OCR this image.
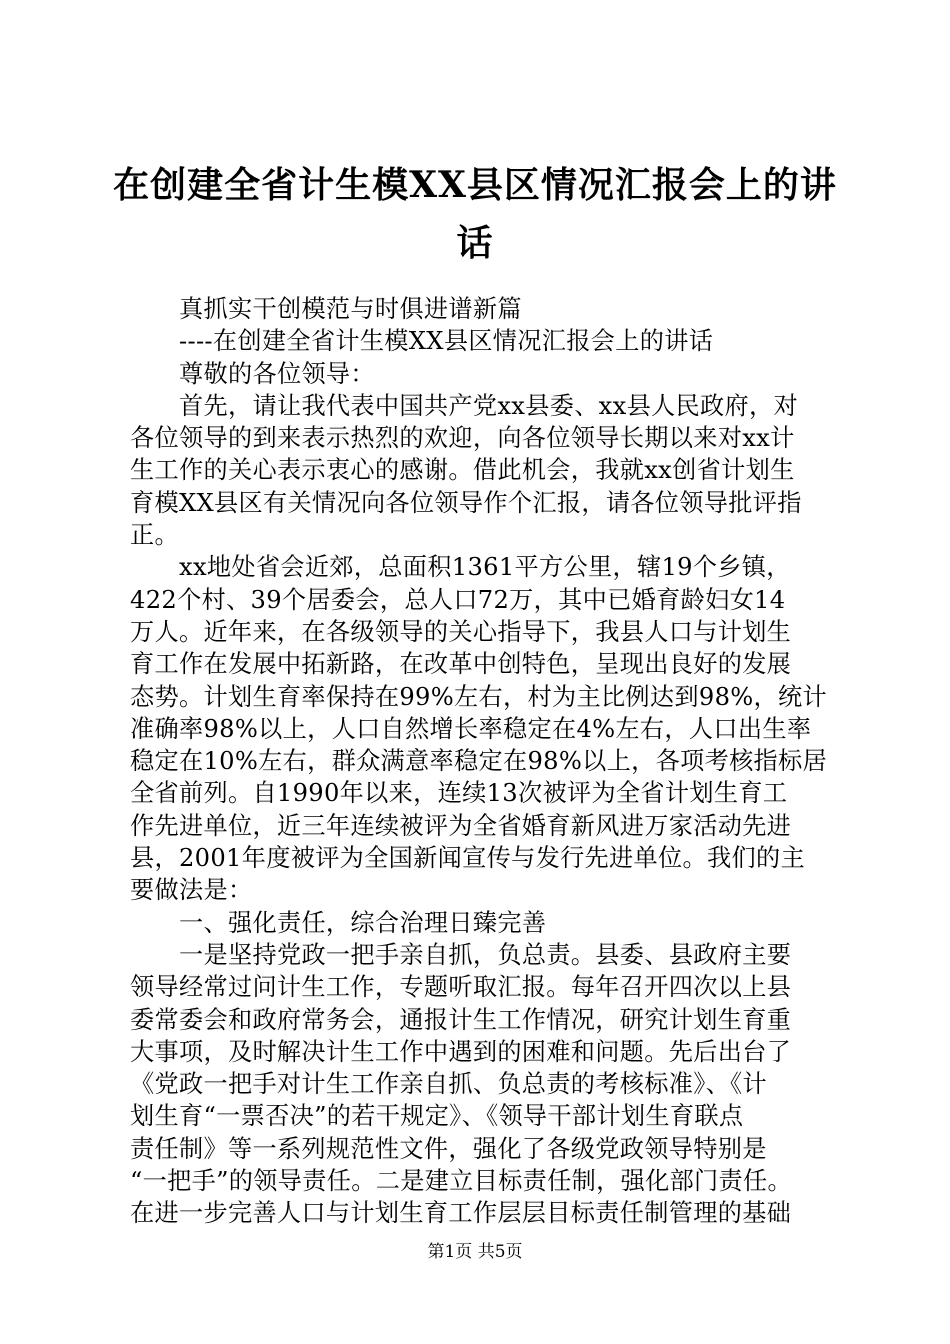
在创建全省计生模XX县区情况汇报会上的讲
话
真抓实干创模范与时俱进谱新篇
----在创建全省计生模XX县区情况汇报会上的讲话
尊敬的各位领导：
首先，请让我代表中国共产党xx县委、xx县人民政府，对
各位领导的到来表示热烈的欢迎，向各位领导长期以来对xx计
生工作的关心表示衷心的感谢。借此机会，我就xx创省计划生
育模XX县区有关情况向各位领导作个汇报，请各位领导批评指
正。
xx地处省会近郊，总面积1361平方公里，辖19个乡镇，
422个村、39个居委会，总人口72万，其中已婚育龄妇女14
万人。近年来，在各级领导的关心指导下，我县人口与计划生
育工作在发展中拓新路，在改革中创特色，呈现出良好的发展
态势。计划生育率保持在99%左右，村为主比例达到98%，统计
准确率98%以上，人口自然增长率稳定在4%左右，人口出生率
稳定在10%左右，群众满意率稳定在98%以上，各项考核指标居
全省前列。自1990年以来，连续13次被评为全省计划生育工
作先进单位，近三年连续被评为全省婚育新风进万家活动先进
县，2001年度被评为全国新闻宣传与发行先进单位。我们的主
要做法是：
一、强化责任，综合治理日臻完善
一是坚持党政一把手亲自抓，负总责。县委、县政府主要
领导经常过问计生工作，专题听取汇报。每年召开四次以上县
委常委会和政府常务会，通报计生工作情况，研究计划生育重
大事项，及时解决计生工作中遇到的困难和问题。先后出台了
《党政一把手对计生工作亲自抓、负总责的考核标准》、《计
划生育“一票否决”的若干规定》、《领导干部计划生育联点
责任制》等一系列规范性文件，强化了各级党政领导特别是
“一把手”的领导责任。二是建立目标责任制，强化部门责任。
在进一步完善人口与计划生育工作层层目标责任制管理的基础
第1页 共5页
